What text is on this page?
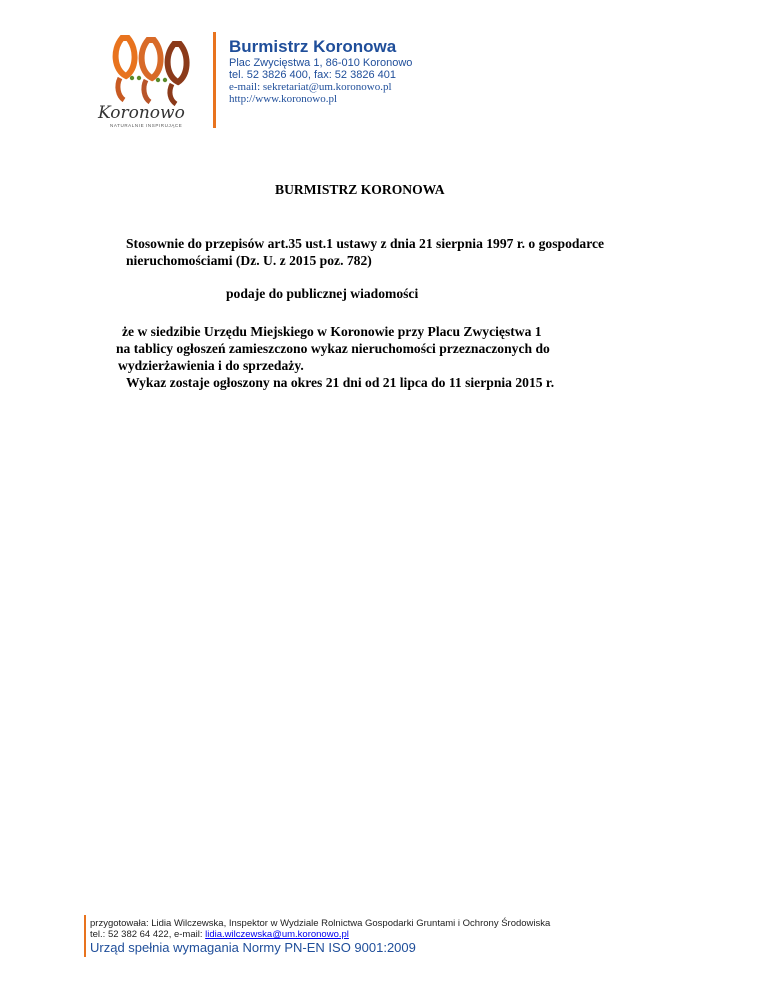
Koronowo
NATURALNIE INSPIRUJĄCE
Burmistrz Koronowa
Plac Zwycięstwa 1, 86-010 Koronowo
tel. 52 3826 400, fax: 52 3826 401
e-mail: sekretariat@um.koronowo.pl
http://www.koronowo.pl
BURMISTRZ KORONOWA
Stosownie do przepisów art.35 ust.1 ustawy z dnia 21 sierpnia 1997 r. o gospodarce
nieruchomościami (Dz. U. z 2015 poz. 782)
podaje do publicznej wiadomości
że w siedzibie Urzędu Miejskiego w Koronowie przy Placu Zwycięstwa 1
na tablicy ogłoszeń zamieszczono wykaz nieruchomości przeznaczonych do
wydzierżawienia i do sprzedaży.
Wykaz zostaje ogłoszony na okres 21 dni od 21 lipca do 11 sierpnia 2015 r.
przygotowała: Lidia Wilczewska, Inspektor w Wydziale Rolnictwa Gospodarki Gruntami i Ochrony Środowiska
tel.: 52 382 64 422, e-mail: lidia.wilczewska@um.koronowo.pl
Urząd spełnia wymagania Normy PN-EN ISO 9001:2009
